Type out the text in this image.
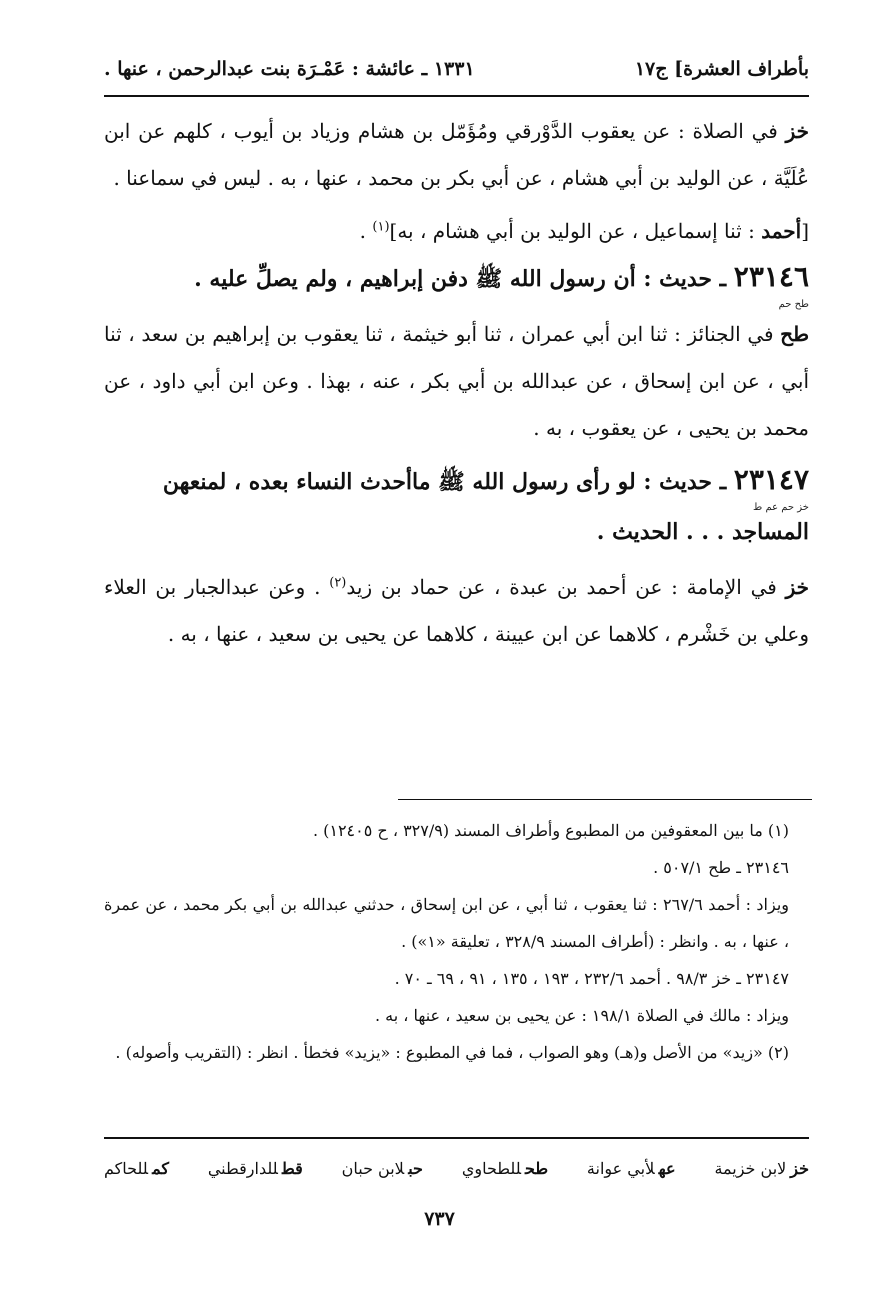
بأطراف العشرة] ج١٧
١٣٣١ ـ عائشة : عَمْـرَة بنت عبدالرحمن ، عنها .

خز في الصلاة : عن يعقوب الدَّوْرقي ومُؤَمّل بن هشام وزياد بن أيوب ، كلهم عن ابن عُلَيَّة ، عن الوليد بن أبي هشام ، عن أبي بكر بن محمد ، عنها ، به . ليس في سماعنا .

[أحمد : ثنا إسماعيل ، عن الوليد بن أبي هشام ، به]$^{(١)}$ .

٢٣١٤٦ ـ حديث : أن رسول الله ﷺ دفن إبراهيم ، ولم يصلِّ عليه .
طح حم

طح في الجنائز : ثنا ابن أبي عمران ، ثنا أبو خيثمة ، ثنا يعقوب بن إبراهيم بن سعد ، ثنا أبي ، عن ابن إسحاق ، عن عبدالله بن أبي بكر ، عنه ، بهذا . وعن ابن أبي داود ، عن محمد بن يحيى ، عن يعقوب ، به .

٢٣١٤٧ ـ حديث : لو رأى رسول الله ﷺ ماأحدث النساء بعده ، لمنعهن
خز حم عم ط

المساجد . . . الحديث .

خز في الإمامة : عن أحمد بن عبدة ، عن حماد بن زيد$^{(٢)}$ . وعن عبدالجبار بن العلاء وعلي بن خَشْرم ، كلاهما عن ابن عيينة ، كلاهما عن يحيى بن سعيد ، عنها ، به .

(١) ما بين المعقوفين من المطبوع وأطراف المسند (٣٢٧/٩ ، ح ١٢٤٠٥) .

٢٣١٤٦ ـ طح ٥٠٧/١ .

ويزاد : أحمد ٢٦٧/٦ : ثنا يعقوب ، ثنا أبي ، عن ابن إسحاق ، حدثني عبدالله بن أبي بكر محمد ، عن عمرة ، عنها ، به . وانظر : (أطراف المسند ٣٢٨/٩ ، تعليقة «١») .

٢٣١٤٧ ـ خز ٩٨/٣ . أحمد ٢٣٢/٦ ، ١٩٣ ، ١٣٥ ، ٩١ ، ٦٩ ـ ٧٠ .

ويزاد : مالك في الصلاة ١٩٨/١ : عن يحيى بن سعيد ، عنها ، به .

(٢) «زيد» من الأصل و(هـ) وهو الصواب ، فما في المطبوع : «يزيد» فخطأ . انظر : (التقريب وأصوله) .

خزلابن خزيمة
عهلأبي عوانة
طحللطحاوي
حبلابن حبان
قطللدارقطني
كمللحاكم
٧٣٧
